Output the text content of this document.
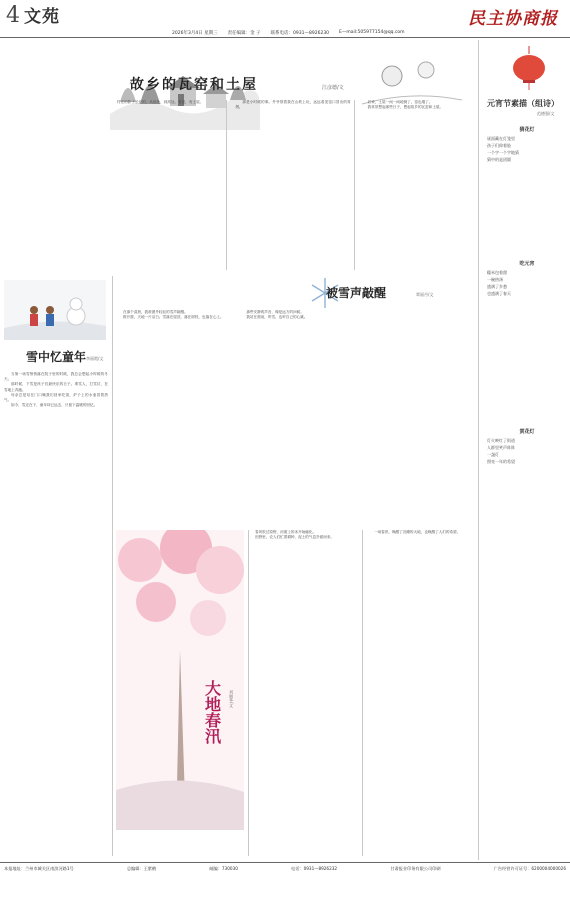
4 文苑
2026年3月4日 星期三 责任编辑：金 子 联系电话：0931—8926230 E—mail:505977154@qq.com
民主协商报
故乡的瓦窑和土屋	江彦德/文

村庄的影子长长的，从低处，到高处。有窑，有土屋。	那是小时候的事。外爷领着我在山坡上玩，远远看见窑口冒出的青烟。

后来，土屋一间一间地倒了，窑也塌了。

我常常想起那些日子，想起故乡的瓦窑和土屋。	元宵节素描（组诗）
范德强/文
猜花灯
谜面藏在灯笼里
孩子们仰着脸
一个字一个字地猜
猜中的是团圆
吃元宵
糯米包着甜
一碗热汤
盛满了乡愁
也盛满了春天
赏花灯
灯火映红了街道
人群里笑声阵阵
一盏灯
照亮一年的希望
雪中忆童年 李丽霞/文

当第一场雪悄悄落在院子里的时候，我总会想起小时候的冬天。

那时候，下雪是孩子们最快乐的日子。堆雪人，打雪仗，在雪地上奔跑。

母亲总是站在门口喊我们回家吃饭，炉子上的水壶冒着热气。

如今，雪还在下，童年却已远去，只留下温暖的回忆。

被雪声敲醒	覃丽丹/文

在那个清晨，我被窗外轻轻的雪声敲醒。

推开窗，天地一片洁白。雪落在屋顶，落在树枝，也落在心上。

那些安静的声音，像是远方的问候。

我站在窗前，听雪，也听自己的心跳。

大地春汛 刘丽华/文

春风吹过原野，河面上的冰开始融化。

田野里，农人们忙着耕种，泥土的气息扑面而来。

一场春汛，唤醒了沉睡的大地，也唤醒了人们的希望。

本报地址：兰州市城关区南滨河路1号	总编辑：王紫鹤	邮编：730030	电话：0931—8926232	甘肃报业印务有限公司印刷	广告经营许可证号：6200004000026
